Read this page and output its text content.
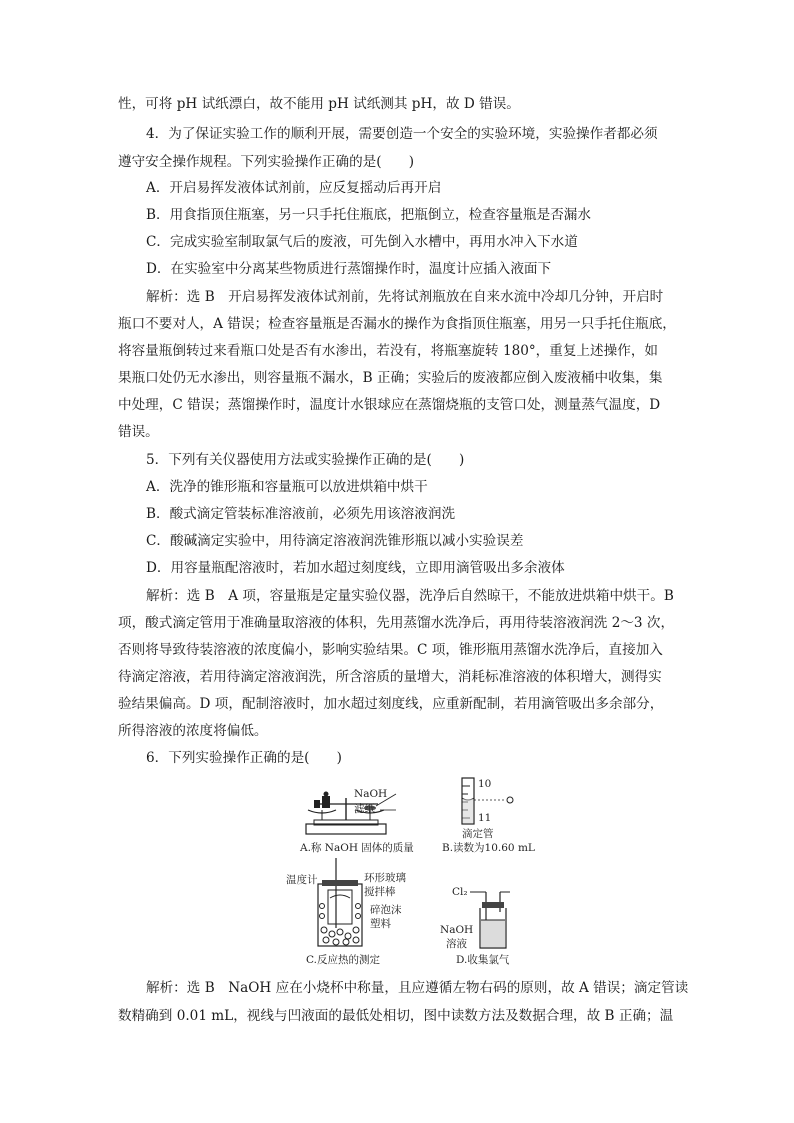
性，可将 pH 试纸漂白，故不能用 pH 试纸测其 pH，故 D 错误。
4．为了保证实验工作的顺利开展，需要创造一个安全的实验环境，实验操作者都必须
遵守安全操作规程。下列实验操作正确的是(　　)
A．开启易挥发液体试剂前，应反复摇动后再开启
B．用食指顶住瓶塞，另一只手托住瓶底，把瓶倒立，检查容量瓶是否漏水
C．完成实验室制取氯气后的废液，可先倒入水槽中，再用水冲入下水道
D．在实验室中分离某些物质进行蒸馏操作时，温度计应插入液面下
解析：选 B　开启易挥发液体试剂前，先将试剂瓶放在自来水流中冷却几分钟，开启时
瓶口不要对人，A 错误；检查容量瓶是否漏水的操作为食指顶住瓶塞，用另一只手托住瓶底，
将容量瓶倒转过来看瓶口处是否有水渗出，若没有，将瓶塞旋转 180°，重复上述操作，如
果瓶口处仍无水渗出，则容量瓶不漏水，B 正确；实验后的废液都应倒入废液桶中收集，集
中处理，C 错误；蒸馏操作时，温度计水银球应在蒸馏烧瓶的支管口处，测量蒸气温度，D
错误。
5．下列有关仪器使用方法或实验操作正确的是(　　)
A．洗净的锥形瓶和容量瓶可以放进烘箱中烘干
B．酸式滴定管装标准溶液前，必须先用该溶液润洗
C．酸碱滴定实验中，用待滴定溶液润洗锥形瓶以减小实验误差
D．用容量瓶配溶液时，若加水超过刻度线，立即用滴管吸出多余液体
解析：选 B　A 项，容量瓶是定量实验仪器，洗净后自然晾干，不能放进烘箱中烘干。B
项，酸式滴定管用于准确量取溶液的体积，先用蒸馏水洗净后，再用待装溶液润洗 2～3 次，
否则将导致待装溶液的浓度偏小，影响实验结果。C 项，锥形瓶用蒸馏水洗净后，直接加入
待滴定溶液，若用待滴定溶液润洗，所含溶质的量增大，消耗标准溶液的体积增大，测得实
验结果偏高。D 项，配制溶液时，加水超过刻度线，应重新配制，若用滴管吸出多余部分，
所得溶液的浓度将偏低。
6．下列实验操作正确的是(　　)
NaOH
滤纸
A.称 NaOH 固体的质量
10
11
滴定管
B.读数为10.60 mL
温度计	环形玻璃
搅拌棒
碎泡沫
塑料
C.反应热的测定
Cl₂
NaOH
溶液
D.收集氯气
解析：选 B　NaOH 应在小烧杯中称量，且应遵循左物右码的原则，故 A 错误；滴定管读
数精确到 0.01 mL，视线与凹液面的最低处相切，图中读数方法及数据合理，故 B 正确；温
